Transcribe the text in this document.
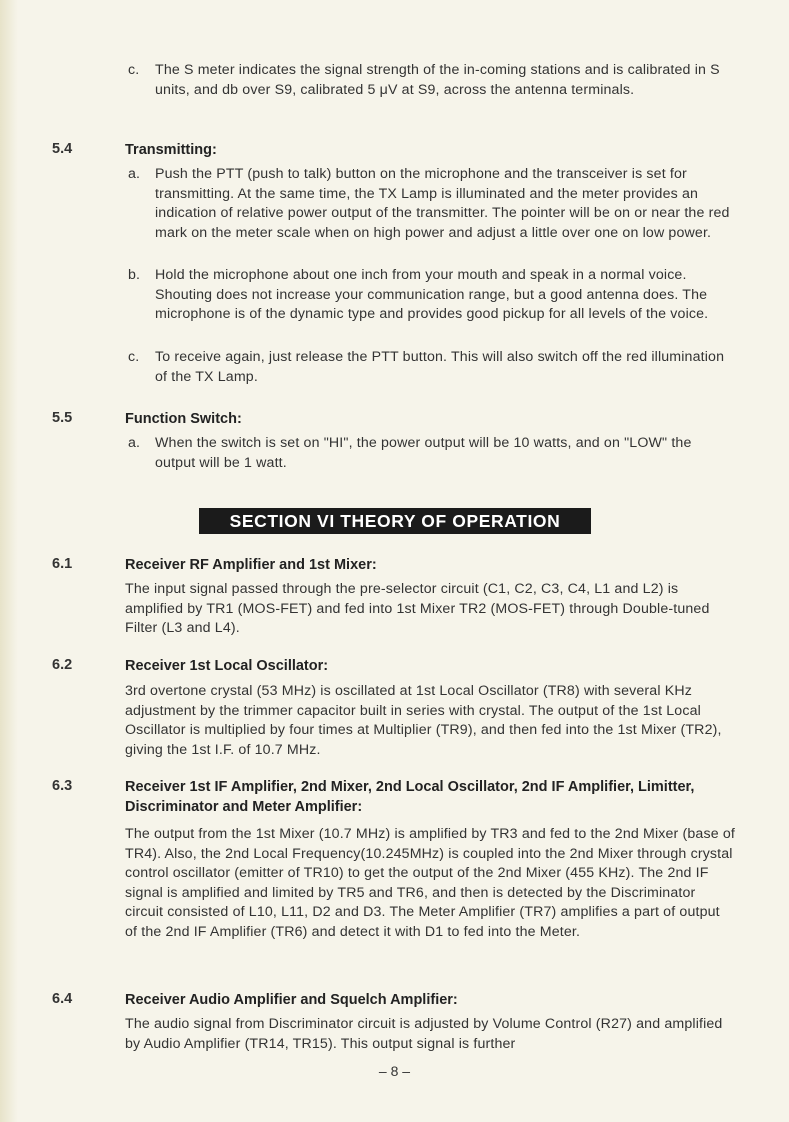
c.	The S meter indicates the signal strength of the in-coming stations and is calibrated in S units, and db over S9, calibrated 5 μV at S9, across the antenna terminals.
5.4	Transmitting:
a.	Push the PTT (push to talk) button on the microphone and the transceiver is set for transmitting. At the same time, the TX Lamp is illuminated and the meter provides an indication of relative power output of the transmitter. The pointer will be on or near the red mark on the meter scale when on high power and adjust a little over one on low power.
b.	Hold the microphone about one inch from your mouth and speak in a normal voice. Shouting does not increase your communication range, but a good antenna does. The microphone is of the dynamic type and provides good pickup for all levels of the voice.
c.	To receive again, just release the PTT button. This will also switch off the red illumination of the TX Lamp.
5.5	Function Switch:
a.	When the switch is set on "HI", the power output will be 10 watts, and on "LOW" the output will be 1 watt.
SECTION VI THEORY OF OPERATION
6.1	Receiver RF Amplifier and 1st Mixer:
The input signal passed through the pre-selector circuit (C1, C2, C3, C4, L1 and L2) is amplified by TR1 (MOS-FET) and fed into 1st Mixer TR2 (MOS-FET) through Double-tuned Filter (L3 and L4).
6.2	Receiver 1st Local Oscillator:
3rd overtone crystal (53 MHz) is oscillated at 1st Local Oscillator (TR8) with several KHz adjustment by the trimmer capacitor built in series with crystal. The output of the 1st Local Oscillator is multiplied by four times at Multiplier (TR9), and then fed into the 1st Mixer (TR2), giving the 1st I.F. of 10.7 MHz.
6.3	Receiver 1st IF Amplifier, 2nd Mixer, 2nd Local Oscillator, 2nd IF Amplifier, Limitter, Discriminator and Meter Amplifier:
The output from the 1st Mixer (10.7 MHz) is amplified by TR3 and fed to the 2nd Mixer (base of TR4). Also, the 2nd Local Frequency(10.245MHz) is coupled into the 2nd Mixer through crystal control oscillator (emitter of TR10) to get the output of the 2nd Mixer (455 KHz). The 2nd IF signal is amplified and limited by TR5 and TR6, and then is detected by the Discriminator circuit consisted of L10, L11, D2 and D3. The Meter Amplifier (TR7) amplifies a part of output of the 2nd IF Amplifier (TR6) and detect it with D1 to fed into the Meter.
6.4	Receiver Audio Amplifier and Squelch Amplifier:
The audio signal from Discriminator circuit is adjusted by Volume Control (R27) and amplified by Audio Amplifier (TR14, TR15). This output signal is further
– 8 –
